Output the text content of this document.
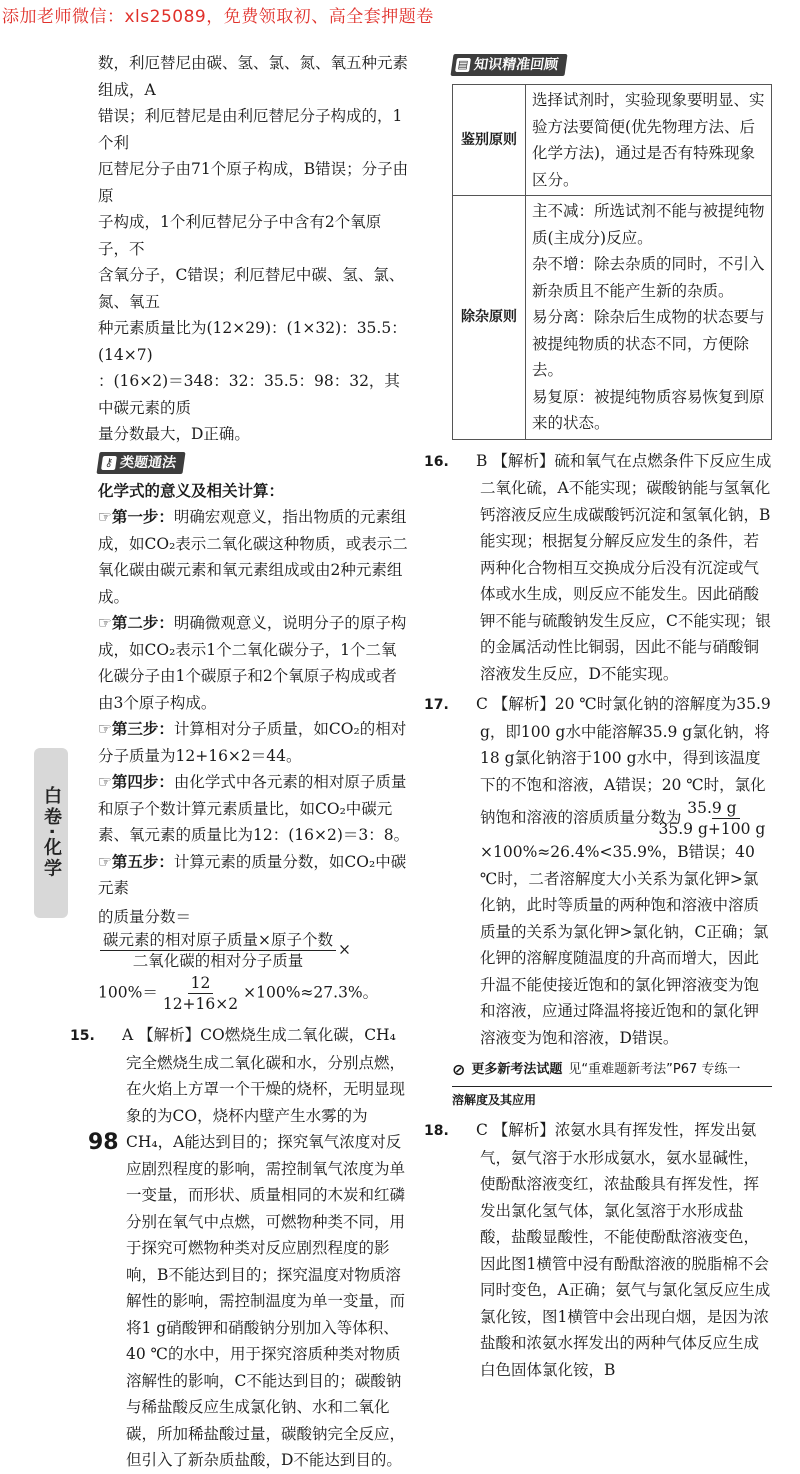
添加老师微信：xls25089，免费领取初、高全套押题卷
白卷·化学

数，利厄替尼由碳、氢、氯、氮、氧五种元素组成，A

错误；利厄替尼是由利厄替尼分子构成的，1个利

厄替尼分子由71个原子构成，B错误；分子由原

子构成，1个利厄替尼分子中含有2个氧原子，不

含氧分子，C错误；利厄替尼中碳、氢、氯、氮、氧五

种元素质量比为(12×29)：(1×32)：35.5：(14×7)

：(16×2)＝348：32：35.5：98：32，其中碳元素的质

量分数最大，D正确。

⚷ 类题通法

化学式的意义及相关计算：

☞第一步：明确宏观意义，指出物质的元素组成，如CO₂表示二氧化碳这种物质，或表示二氧化碳由碳元素和氧元素组成或由2种元素组成。

☞第二步：明确微观意义，说明分子的原子构成，如CO₂表示1个二氧化碳分子，1个二氧化碳分子由1个碳原子和2个氧原子构成或者由3个原子构成。

☞第三步：计算相对分子质量，如CO₂的相对分子质量为12+16×2＝44。

☞第四步：由化学式中各元素的相对原子质量和原子个数计算元素质量比，如CO₂中碳元素、氧元素的质量比为12：(16×2)＝3：8。

☞第五步：计算元素的质量分数，如CO₂中碳元素

的质量分数＝
$\frac{\text{碳元素的相对原子质量×原子个数}}{\text{二氧化碳的相对分子质量}}$ ×

$100\%= \frac{12}{12+16\times 2} \times 100\%\approx 27.3\%$。

15. A 【解析】CO燃烧生成二氧化碳，CH₄完全燃烧生成二氧化碳和水，分别点燃，在火焰上方罩一个干燥的烧杯，无明显现象的为CO，烧杯内壁产生水雾的为CH₄，A能达到目的；探究氧气浓度对反应剧烈程度的影响，需控制氧气浓度为单一变量，而形状、质量相同的木炭和红磷分别在氧气中点燃，可燃物种类不同，用于探究可燃物种类对反应剧烈程度的影响，B不能达到目的；探究温度对物质溶解性的影响，需控制温度为单一变量，而将1 g硝酸钾和硝酸钠分别加入等体积、40 ℃的水中，用于探究溶质种类对物质溶解性的影响，C不能达到目的；碳酸钠与稀盐酸反应生成氯化钠、水和二氧化碳，所加稀盐酸过量，碳酸钠完全反应，但引入了新杂质盐酸，D不能达到目的。

▤ 知识精准回顾
鉴别原则	选择试剂时，实验现象要明显、实验方法要简便(优先物理方法、后化学方法)，通过是否有特殊现象区分。

除杂原则	主不减：所选试剂不能与被提纯物质(主成分)反应。

杂不增：除去杂质的同时，不引入新杂质且不能产生新的杂质。

易分离：除杂后生成物的状态要与被提纯物质的状态不同，方便除去。

易复原：被提纯物质容易恢复到原来的状态。

16. B 【解析】硫和氧气在点燃条件下反应生成二氧化硫，A不能实现；碳酸钠能与氢氧化钙溶液反应生成碳酸钙沉淀和氢氧化钠，B能实现；根据复分解反应发生的条件，若两种化合物相互交换成分后没有沉淀或气体或水生成，则反应不能发生。因此硝酸钾不能与硫酸钠发生反应，C不能实现；银的金属活动性比铜弱，因此不能与硝酸铜溶液发生反应，D不能实现。

17. C 【解析】20 ℃时氯化钠的溶解度为35.9 g，即100 g水中能溶解35.9 g氯化钠，将18 g氯化钠溶于100 g水中，得到该温度下的不饱和溶液，A错误；20 ℃时，氯化钠饱和溶液的溶质质量分数为 $\frac{35.9 g}{35.9 g+100 g}$
×100%≈26.4%<35.9%，B错误；40 ℃时，二者溶解度大小关系为氯化钾>氯化钠，此时等质量的两种饱和溶液中溶质质量的关系为氯化钾>氯化钠，C正确；氯化钾的溶解度随温度的升高而增大，因此升温不能使接近饱和的氯化钾溶液变为饱和溶液，应通过降温将接近饱和的氯化钾溶液变为饱和溶液，D错误。

⊘ 更多新考法试题 见“重难题新考法”P67 专练一
溶解度及其应用

18. C 【解析】浓氨水具有挥发性，挥发出氨气，氨气溶于水形成氨水，氨水显碱性，使酚酞溶液变红，浓盐酸具有挥发性，挥发出氯化氢气体，氯化氢溶于水形成盐酸，盐酸显酸性，不能使酚酞溶液变色，因此图1横管中浸有酚酞溶液的脱脂棉不会同时变色，A正确；氨气与氯化氢反应生成氯化铵，图1横管中会出现白烟，是因为浓盐酸和浓氨水挥发出的两种气体反应生成白色固体氯化铵，B

98
